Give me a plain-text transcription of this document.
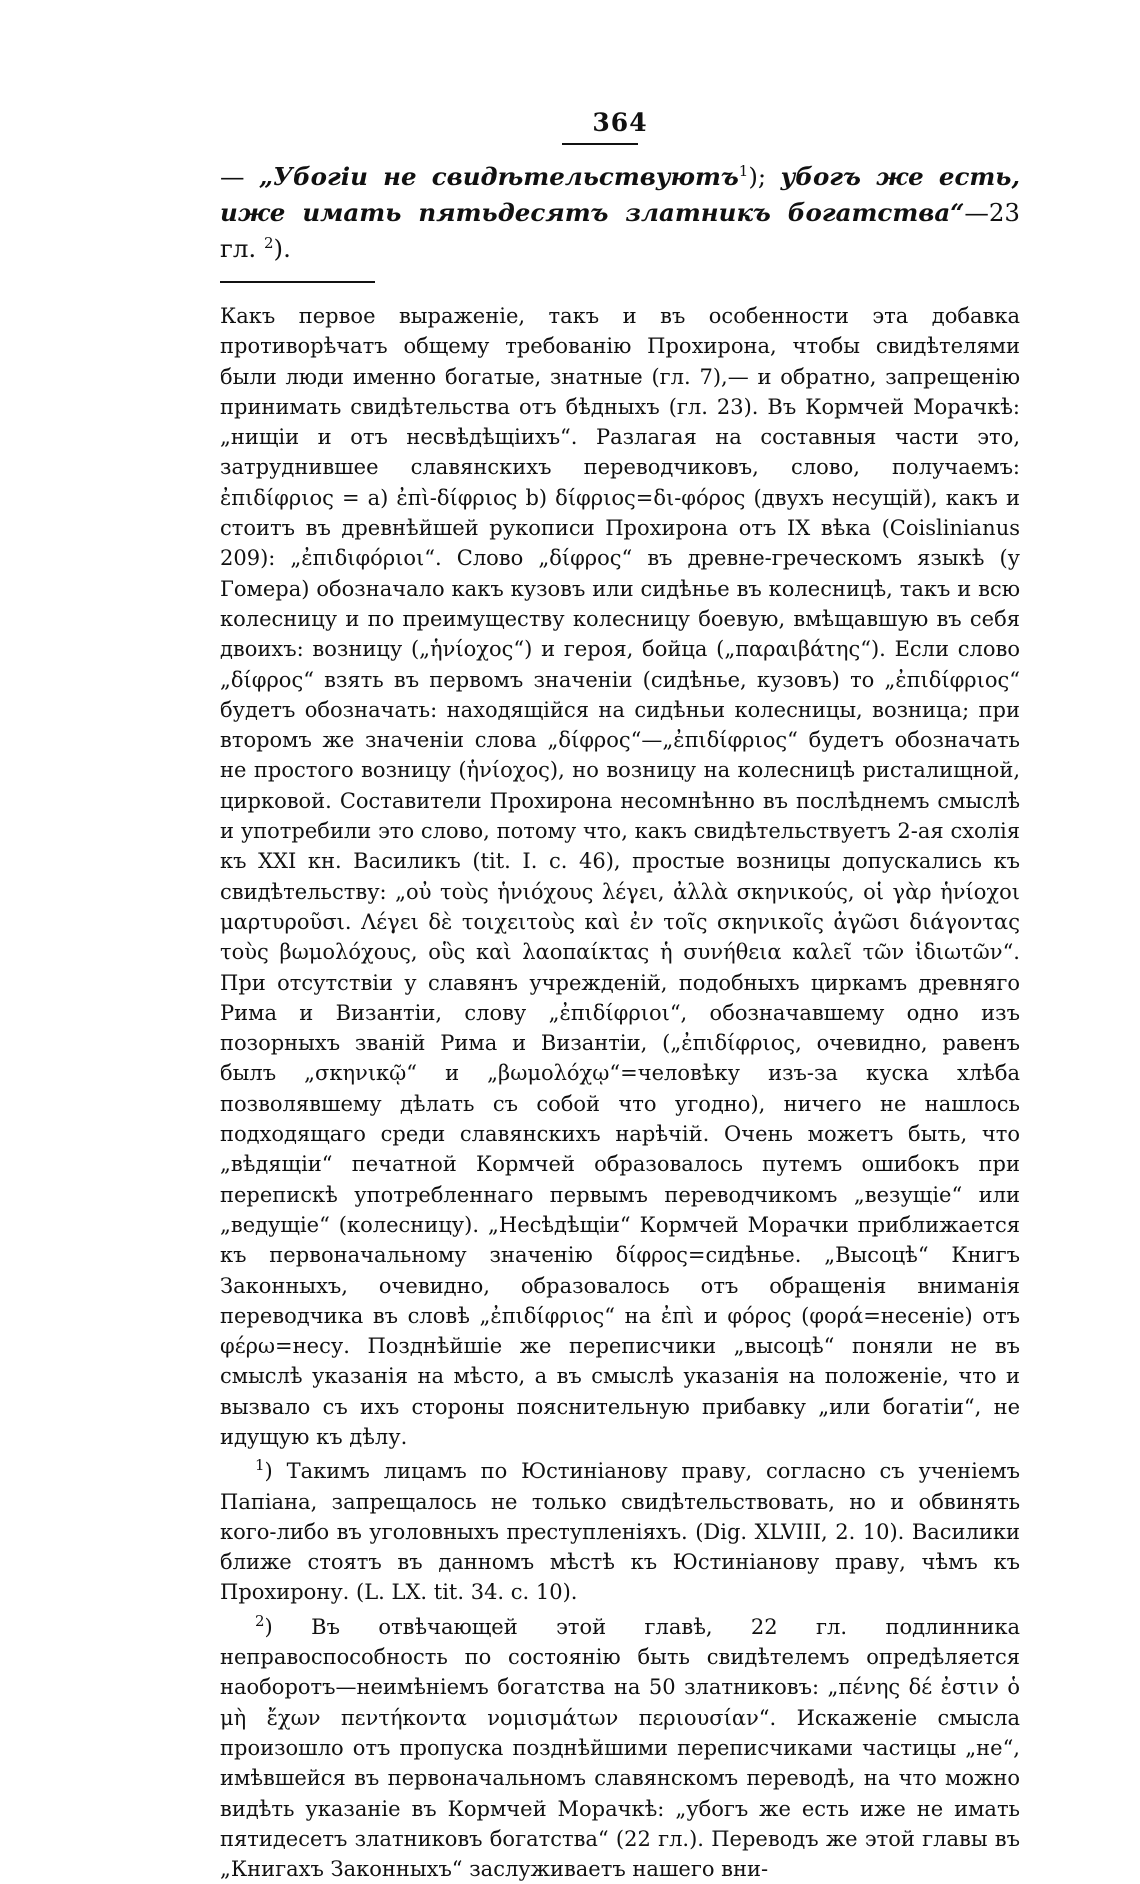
364

— „Убогіи не свидѣтельствуютъ$^1$); убогъ же есть, иже имать пятьдесятъ златникъ богатства“—23 гл. $^2$).

Какъ первое выраженіе, такъ и въ особенности эта добавка противорѣчатъ общему требованію Прохирона, чтобы свидѣтелями были люди именно богатые, знатные (гл. 7),— и обратно, запрещенію принимать свидѣтельства отъ бѣдныхъ (гл. 23). Въ Кормчей Морачкѣ: „нищіи и отъ несвѣдѣщіихъ“. Разлагая на составныя части это, затруднившее славянскихъ переводчиковъ, слово, получаемъ: ἐπιδίφριος = a) ἐπὶ-δίφριος b) δίφριος=δι-φόρος (двухъ несущій), какъ и стоитъ въ древнѣйшей рукописи Прохирона отъ IX вѣка (Coislinianus 209): „ἐπιδιφόριοι“. Слово „δίφρος“ въ древне-греческомъ языкѣ (у Гомера) обозначало какъ кузовъ или сидѣнье въ колесницѣ, такъ и всю колесницу и по преимуществу колесницу боевую, вмѣщавшую въ себя двоихъ: возницу („ἡνίοχος“) и героя, бойца („παραιβάτης“). Если слово „δίφρος“ взять въ первомъ значеніи (сидѣнье, кузовъ) то „ἐπιδίφριος“ будетъ обозначать: находящійся на сидѣньи колесницы, возница; при второмъ же значеніи слова „δίφρος“—„ἐπιδίφριος“ будетъ обозначать не простого возницу (ἡνίοχος), но возницу на колесницѣ ристалищной, цирковой. Составители Прохирона несомнѣнно въ послѣднемъ смыслѣ и употребили это слово, потому что, какъ свидѣтельствуетъ 2-ая схолія къ XXI кн. Василикъ (tit. I. c. 46), простые возницы допускались къ свидѣтельству: „οὐ τοὺς ἡνιόχους λέγει, ἀλλὰ σκηνικούς, οἱ γὰρ ἡνίοχοι μαρτυροῦσι. Λέγει δὲ τοιχειτοὺς καὶ ἐν τοῖς σκηνικοῖς ἀγῶσι διάγοντας τοὺς βωμολόχους, οὓς καὶ λαοπαίκτας ἡ συνήθεια καλεῖ τῶν ἰδιωτῶν“. При отсутствіи у славянъ учрежденій, подобныхъ циркамъ древняго Рима и Византіи, слову „ἐπιδίφριοι“, обозначавшему одно изъ позорныхъ званій Рима и Византіи, („ἐπιδίφριος, очевидно, равенъ былъ „σκηνικῷ“ и „βωμολόχῳ“=человѣку изъ-за куска хлѣба позволявшему дѣлать съ собой что угодно), ничего не нашлось подходящаго среди славянскихъ нарѣчій. Очень можетъ быть, что „вѣдящіи“ печатной Кормчей образовалось путемъ ошибокъ при перепискѣ употребленнаго первымъ переводчикомъ „везущіе“ или „ведущіе“ (колесницу). „Несѣдѣщіи“ Кормчей Морачки приближается къ первоначальному значенію δίφρος=сидѣнье. „Высоцѣ“ Книгъ Законныхъ, очевидно, образовалось отъ обращенія вниманія переводчика въ словѣ „ἐπιδίφριος“ на ἐπὶ и φόρος (φορά=несеніе) отъ φέρω=несу. Позднѣйшіе же переписчики „высоцѣ“ поняли не въ смыслѣ указанія на мѣсто, а въ смыслѣ указанія на положеніе, что и вызвало съ ихъ стороны пояснительную прибавку „или богатіи“, не идущую къ дѣлу.

$^1$) Такимъ лицамъ по Юстиніанову праву, согласно съ ученіемъ Папіана, запрещалось не только свидѣтельствовать, но и обвинять кого-либо въ уголовныхъ преступленіяхъ. (Dig. XLVIII, 2. 10). Василики ближе стоятъ въ данномъ мѣстѣ къ Юстиніанову праву, чѣмъ къ Прохирону. (L. LX. tit. 34. c. 10).

$^2$) Въ отвѣчающей этой главѣ, 22 гл. подлинника неправоспособность по состоянію быть свидѣтелемъ опредѣляется наоборотъ—неимѣніемъ богатства на 50 златниковъ: „πένης δέ ἐστιν ὁ μὴ ἔχων πεντήκοντα νομισμάτων περιουσίαν“. Искаженіе смысла произошло отъ пропуска позднѣйшими переписчиками частицы „не“, имѣвшейся въ первоначальномъ славянскомъ переводѣ, на что можно видѣть указаніе въ Кормчей Морачкѣ: „убогъ же есть иже не имать пятидесетъ златниковъ богатства“ (22 гл.). Переводъ же этой главы въ „Книгахъ Законныхъ“ заслуживаетъ нашего вни-
